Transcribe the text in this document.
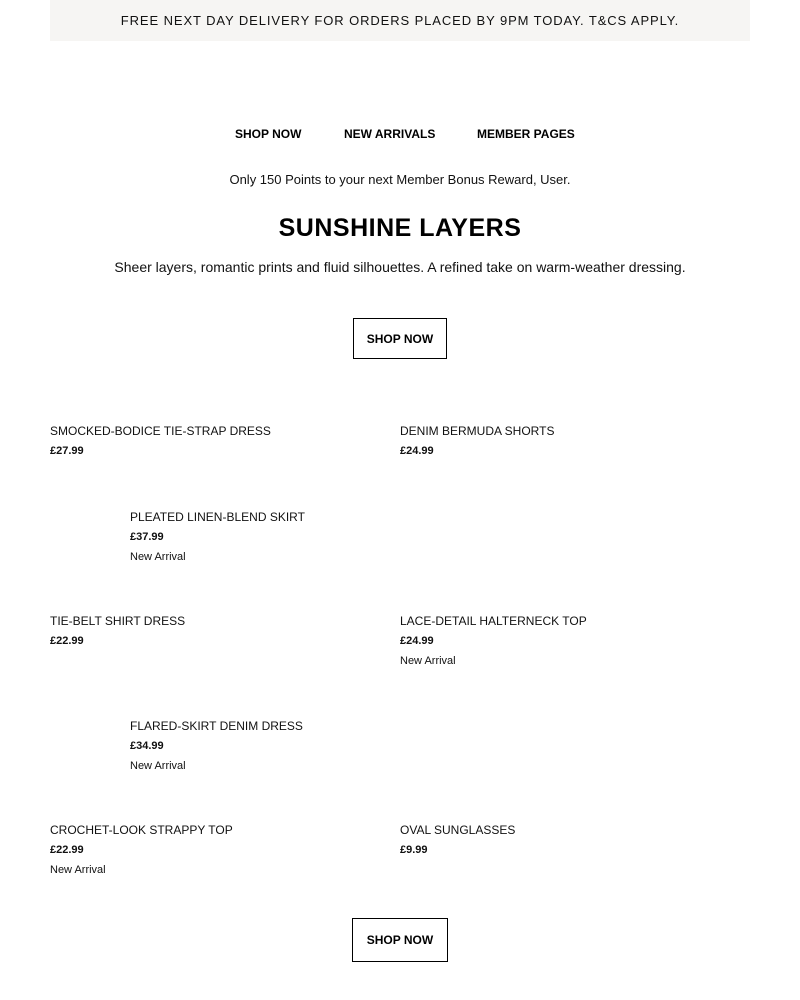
FREE NEXT DAY DELIVERY FOR ORDERS PLACED BY 9PM TODAY. T&CS APPLY.
SHOP NOW	NEW ARRIVALS	MEMBER PAGES
Only 150 Points to your next Member Bonus Reward, User.
SUNSHINE LAYERS

Sheer layers, romantic prints and fluid silhouettes. A refined take on warm-weather dressing.

SHOP NOW
SMOCKED-BODICE TIE-STRAP DRESS
£27.99
DENIM BERMUDA SHORTS
£24.99
PLEATED LINEN-BLEND SKIRT
£37.99
New Arrival
TIE-BELT SHIRT DRESS
£22.99
LACE-DETAIL HALTERNECK TOP
£24.99
New Arrival
FLARED-SKIRT DENIM DRESS
£34.99
New Arrival
CROCHET-LOOK STRAPPY TOP
£22.99
New Arrival
OVAL SUNGLASSES
£9.99
SHOP NOW
